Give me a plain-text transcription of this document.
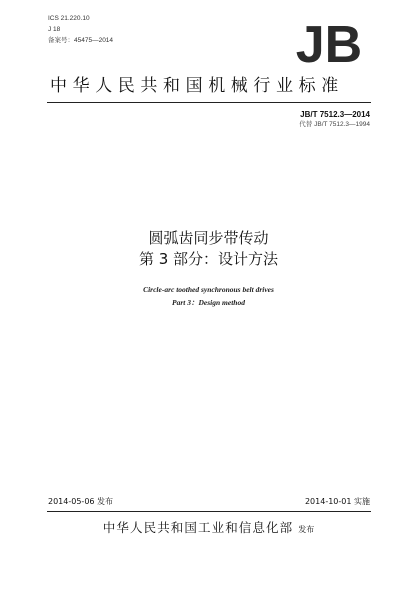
ICS 21.220.10
J 18
备案号：45475—2014	JB
中华人民共和国机械行业标准
JB/T 7512.3—2014
代替 JB/T 7512.3—1994
圆弧齿同步带传动
第 3 部分：设计方法
Circle-arc toothed synchronous belt drives
Part 3：Design method
2014-05-06 发布	2014-10-01 实施
中华人民共和国工业和信息化部 发布
